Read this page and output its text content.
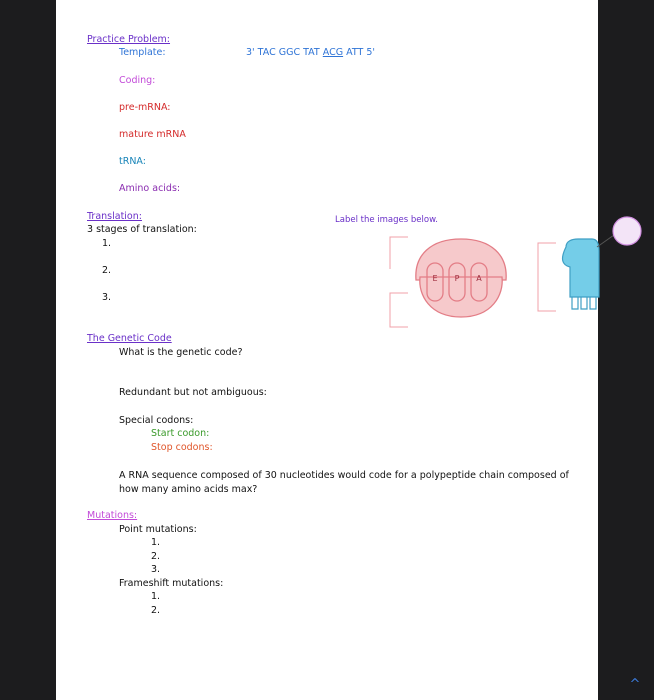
Practice Problem:
Template:	3' TAC GGC TAT ACG ATT 5'
Coding:
pre-mRNA:
mature mRNA
tRNA:
Amino acids:
Translation:
3 stages of translation:
1.
2.
3.
Label the images below.
The Genetic Code
What is the genetic code?
Redundant but not ambiguous:
Special codons:
Start codon:
Stop codons:
A RNA sequence composed of 30 nucleotides would code for a polypeptide chain composed of how many amino acids max?
Mutations:
Point mutations:
1.
2.
3.
Frameshift mutations:
1.
2.
E P A
^
